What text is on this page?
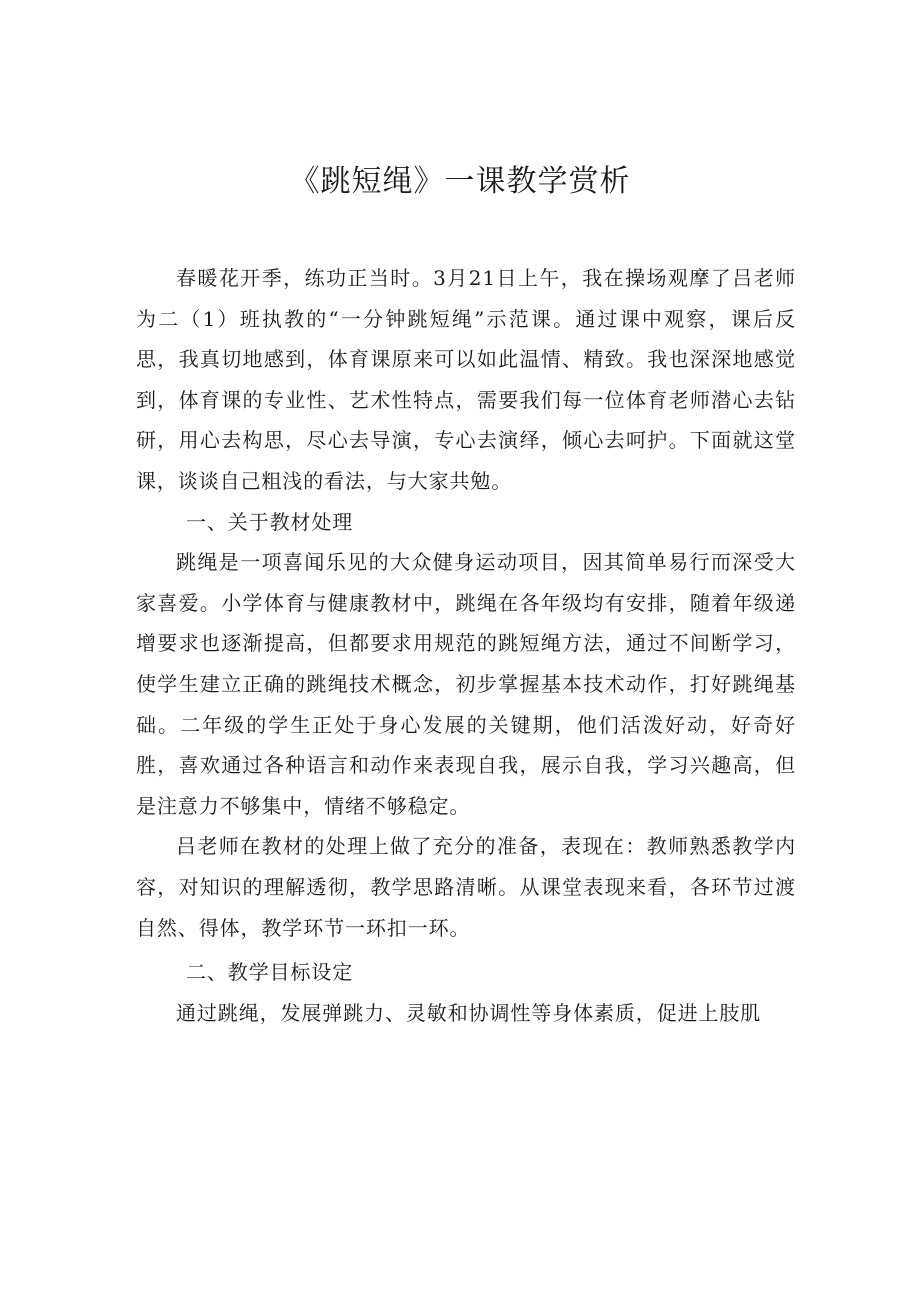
《跳短绳》一课教学赏析

春暖花开季，练功正当时。3月21日上午，我在操场观摩了吕老师为二（1）班执教的“一分钟跳短绳”示范课。通过课中观察，课后反思，我真切地感到，体育课原来可以如此温情、精致。我也深深地感觉到，体育课的专业性、艺术性特点，需要我们每一位体育老师潜心去钻研，用心去构思，尽心去导演，专心去演绎，倾心去呵护。下面就这堂课，谈谈自己粗浅的看法，与大家共勉。

一、关于教材处理

跳绳是一项喜闻乐见的大众健身运动项目，因其简单易行而深受大家喜爱。小学体育与健康教材中，跳绳在各年级均有安排，随着年级递增要求也逐渐提高，但都要求用规范的跳短绳方法，通过不间断学习，使学生建立正确的跳绳技术概念，初步掌握基本技术动作，打好跳绳基础。二年级的学生正处于身心发展的关键期，他们活泼好动，好奇好胜，喜欢通过各种语言和动作来表现自我，展示自我，学习兴趣高，但是注意力不够集中，情绪不够稳定。

吕老师在教材的处理上做了充分的准备，表现在：教师熟悉教学内容，对知识的理解透彻，教学思路清晰。从课堂表现来看，各环节过渡自然、得体，教学环节一环扣一环。

二、教学目标设定

通过跳绳，发展弹跳力、灵敏和协调性等身体素质，促进上肢肌
